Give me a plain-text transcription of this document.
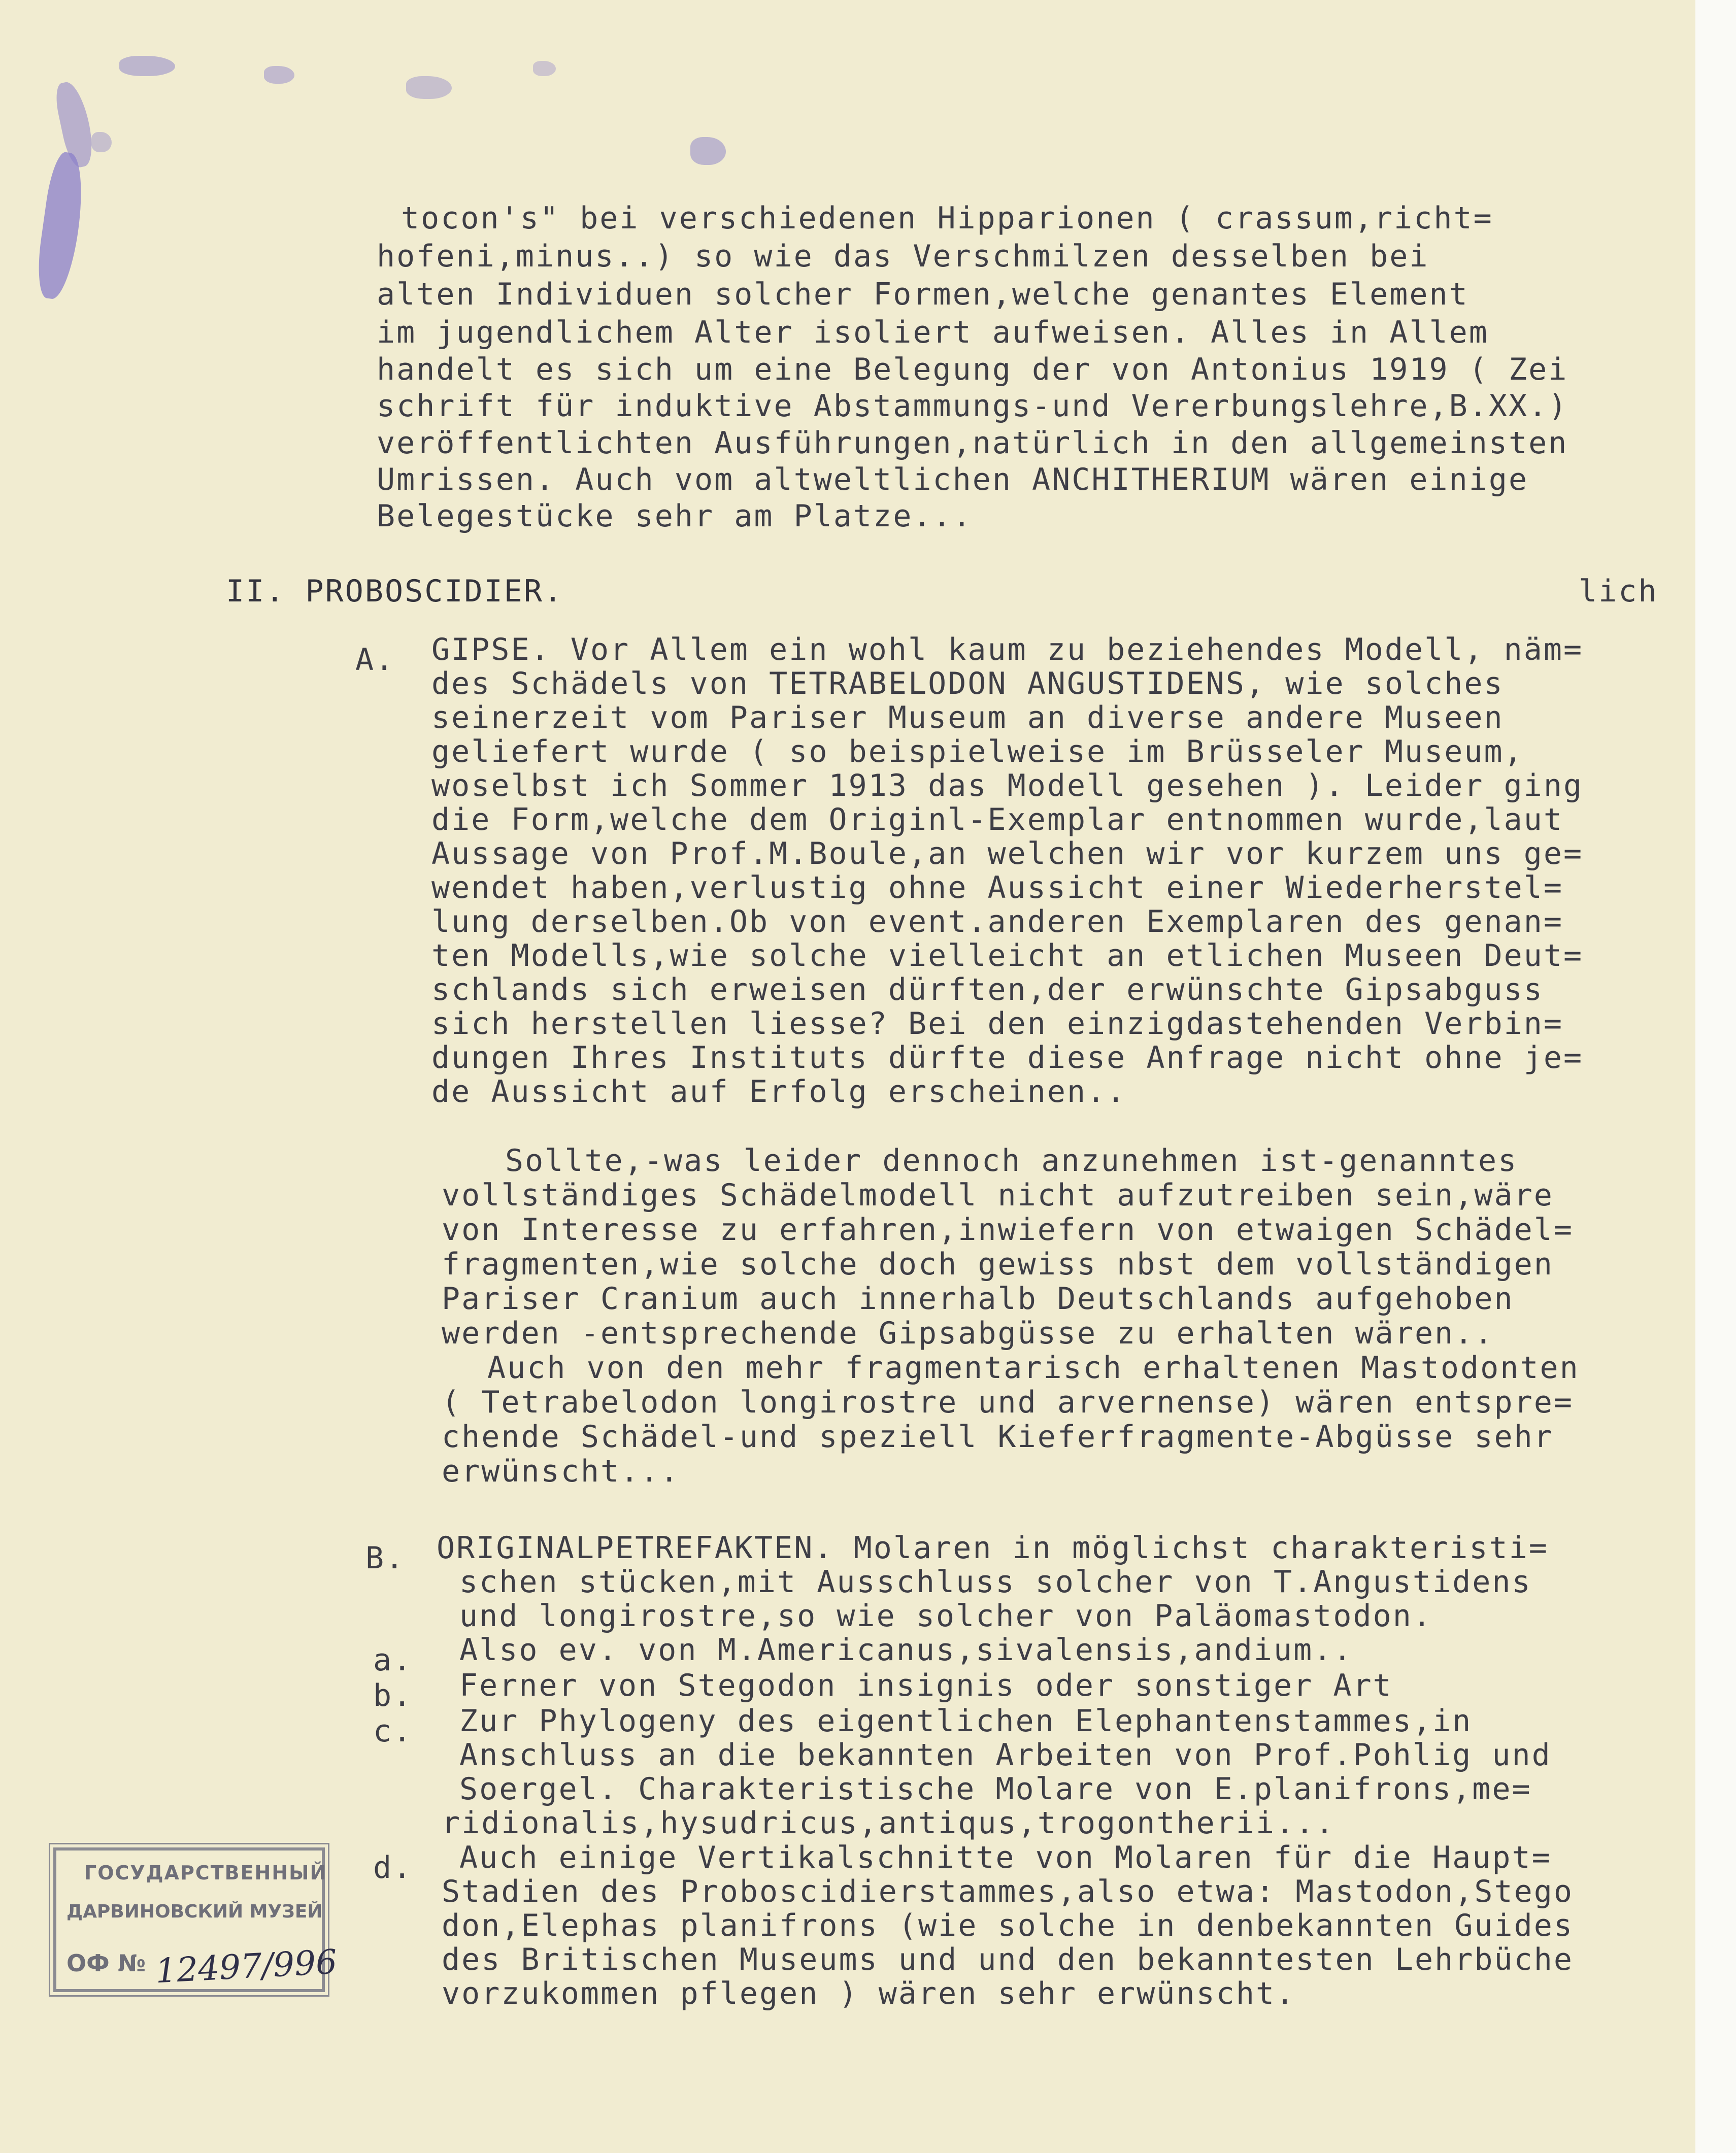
tocon's" bei verschiedenen Hipparionen ( crassum,richt=
hofeni,minus..) so wie das Verschmilzen desselben bei
alten Individuen solcher Formen,welche genantes Element
im jugendlichem Alter isoliert aufweisen. Alles in Allem
handelt es sich um eine Belegung der von Antonius 1919 ( Zei
schrift für induktive Abstammungs-und Vererbungslehre,B.XX.)
veröffentlichten Ausführungen,natürlich in den allgemeinsten
Umrissen. Auch vom altweltlichen ANCHITHERIUM wären einige
Belegestücke sehr am Platze...
II. PROBOSCIDIER.	lich
A. GIPSE. Vor Allem ein wohl kaum zu beziehendes Modell, näm=
des Schädels von TETRABELODON ANGUSTIDENS, wie solches
seinerzeit vom Pariser Museum an diverse andere Museen
geliefert wurde ( so beispielweise im Brüsseler Museum,
woselbst ich Sommer 1913 das Modell gesehen ). Leider ging
die Form,welche dem Originl-Exemplar entnommen wurde,laut
Aussage von Prof.M.Boule,an welchen wir vor kurzem uns ge=
wendet haben,verlustig ohne Aussicht einer Wiederherstel=
lung derselben.Ob von event.anderen Exemplaren des genan=
ten Modells,wie solche vielleicht an etlichen Museen Deut=
schlands sich erweisen dürften,der erwünschte Gipsabguss
sich herstellen liesse? Bei den einzigdastehenden Verbin=
dungen Ihres Instituts dürfte diese Anfrage nicht ohne je=
de Aussicht auf Erfolg erscheinen..
Sollte,-was leider dennoch anzunehmen ist-genanntes
vollständiges Schädelmodell nicht aufzutreiben sein,wäre
von Interesse zu erfahren,inwiefern von etwaigen Schädel=
fragmenten,wie solche doch gewiss nbst dem vollständigen
Pariser Cranium auch innerhalb Deutschlands aufgehoben
werden -entsprechende Gipsabgüsse zu erhalten wären..
Auch von den mehr fragmentarisch erhaltenen Mastodonten
( Tetrabelodon longirostre und arvernense) wären entspre=
chende Schädel-und speziell Kieferfragmente-Abgüsse sehr
erwünscht...
B. ORIGINALPETREFAKTEN. Molaren in möglichst charakteristi=
schen stücken,mit Ausschluss solcher von T.Angustidens
und longirostre,so wie solcher von Paläomastodon.
a. Also ev. von M.Americanus,sivalensis,andium..
b. Ferner von Stegodon insignis oder sonstiger Art
c. Zur Phylogeny des eigentlichen Elephantenstammes,in
Anschluss an die bekannten Arbeiten von Prof.Pohlig und
Soergel. Charakteristische Molare von E.planifrons,me=
ridionalis,hysudricus,antiqus,trogontherii...
d. Auch einige Vertikalschnitte von Molaren für die Haupt=
Stadien des Proboscidierstammes,also etwa: Mastodon,Stego
don,Elephas planifrons (wie solche in denbekannten Guides
des Britischen Museums und und den bekanntesten Lehrbüche
vorzukommen pflegen ) wären sehr erwünscht.
ГОСУДАРСТВЕННЫЙ
ДАРВИНОВСКИЙ МУЗЕЙ
ОФ № 12497/996
